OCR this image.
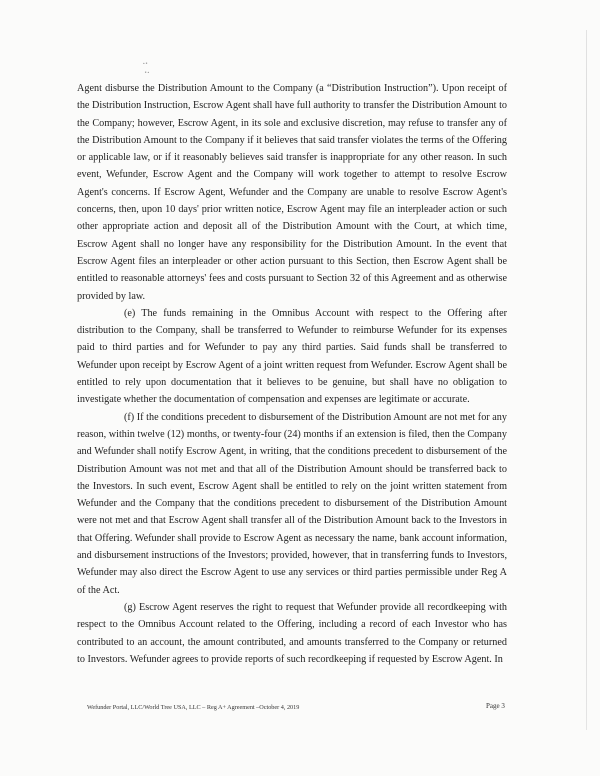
·⋅
⋅·

Agent disburse the Distribution Amount to the Company (a “Distribution Instruction”). Upon receipt of the Distribution Instruction, Escrow Agent shall have full authority to transfer the Distribution Amount to the Company; however, Escrow Agent, in its sole and exclusive discretion, may refuse to transfer any of the Distribution Amount to the Company if it believes that said transfer violates the terms of the Offering or applicable law, or if it reasonably believes said transfer is inappropriate for any other reason. In such event, Wefunder, Escrow Agent and the Company will work together to attempt to resolve Escrow Agent's concerns. If Escrow Agent, Wefunder and the Company are unable to resolve Escrow Agent's concerns, then, upon 10 days' prior written notice, Escrow Agent may file an interpleader action or such other appropriate action and deposit all of the Distribution Amount with the Court, at which time, Escrow Agent shall no longer have any responsibility for the Distribution Amount. In the event that Escrow Agent files an interpleader or other action pursuant to this Section, then Escrow Agent shall be entitled to reasonable attorneys' fees and costs pursuant to Section 32 of this Agreement and as otherwise provided by law.

(e) The funds remaining in the Omnibus Account with respect to the Offering after distribution to the Company, shall be transferred to Wefunder to reimburse Wefunder for its expenses paid to third parties and for Wefunder to pay any third parties. Said funds shall be transferred to Wefunder upon receipt by Escrow Agent of a joint written request from Wefunder. Escrow Agent shall be entitled to rely upon documentation that it believes to be genuine, but shall have no obligation to investigate whether the documentation of compensation and expenses are legitimate or accurate.

(f) If the conditions precedent to disbursement of the Distribution Amount are not met for any reason, within twelve (12) months, or twenty-four (24) months if an extension is filed, then the Company and Wefunder shall notify Escrow Agent, in writing, that the conditions precedent to disbursement of the Distribution Amount was not met and that all of the Distribution Amount should be transferred back to the Investors. In such event, Escrow Agent shall be entitled to rely on the joint written statement from Wefunder and the Company that the conditions precedent to disbursement of the Distribution Amount were not met and that Escrow Agent shall transfer all of the Distribution Amount back to the Investors in that Offering. Wefunder shall provide to Escrow Agent as necessary the name, bank account information, and disbursement instructions of the Investors; provided, however, that in transferring funds to Investors, Wefunder may also direct the Escrow Agent to use any services or third parties permissible under Reg A of the Act.

(g) Escrow Agent reserves the right to request that Wefunder provide all recordkeeping with respect to the Omnibus Account related to the Offering, including a record of each Investor who has contributed to an account, the amount contributed, and amounts transferred to the Company or returned to Investors. Wefunder agrees to provide reports of such recordkeeping if requested by Escrow Agent. In

Wefunder Portal, LLC/World Tree USA, LLC – Reg A+ Agreement –October 4, 2019	Page 3
